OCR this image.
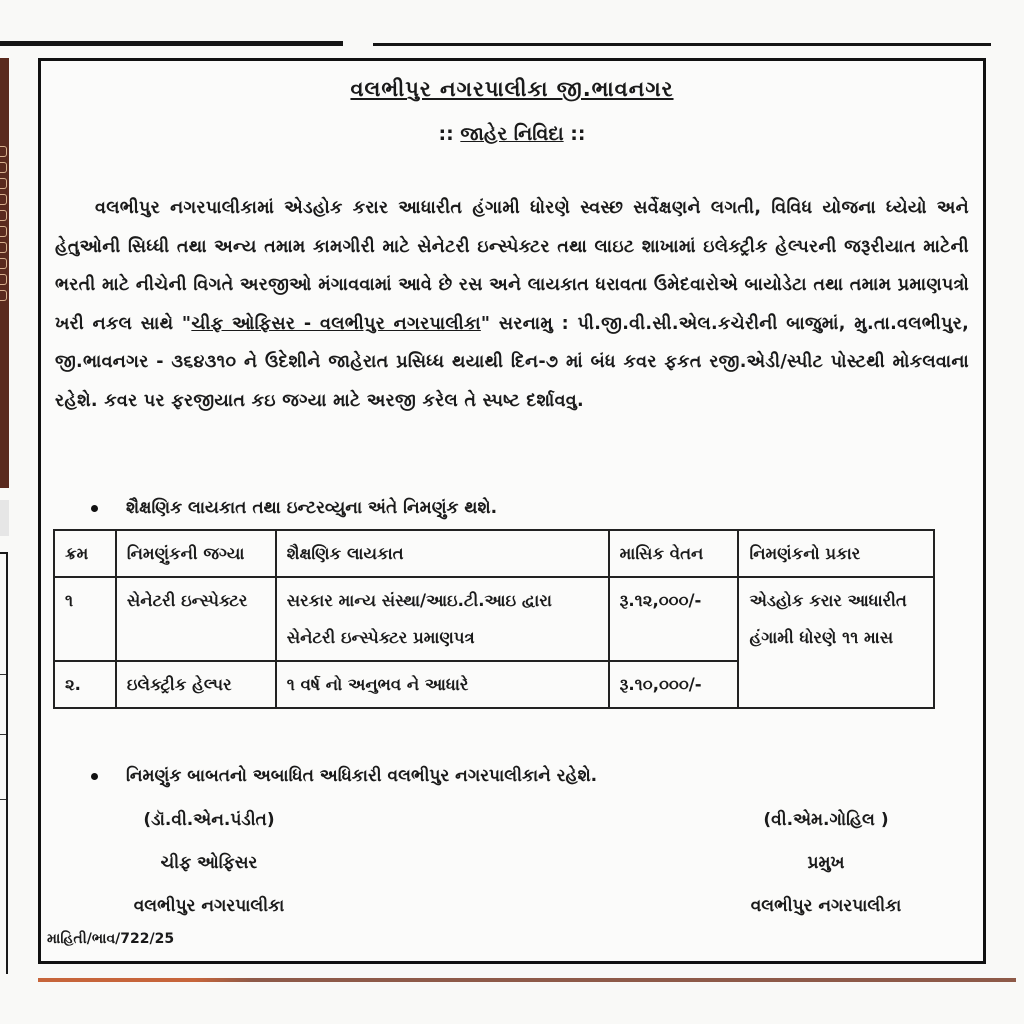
વલભીપુર નગરપાલીકા જી.ભાવનગર
:: જાહેર નિવિદા ::
વલભીપુર નગરપાલીકામાં એડહોક કરાર આધારીત હંગામી ધોરણે સ્વસ્છ સર્વેક્ષણને લગતી, વિવિધ યોજના ધ્યેયો અને હેતુઓની સિધ્ધી તથા અન્ય તમામ કામગીરી માટે સેનેટરી ઇન્સ્પેક્ટર તથા લાઇટ શાખામાં ઇલેક્ટ્રીક હેલ્પરની જરૂરીયાત માટેની ભરતી માટે નીચેની વિગતે અરજીઓ મંગાવવામાં આવે છે રસ અને લાયકાત ધરાવતા ઉમેદવારોએ બાયોડેટા તથા તમામ પ્રમાણપત્રો ખરી નકલ સાથે "ચીફ ઓફિસર - વલભીપુર નગરપાલીકા" સરનામુ : પી.જી.વી.સી.એલ.કચેરીની બાજુમાં, મુ.તા.વલભીપુર, જી.ભાવનગર - ૩૬૪૩૧૦ ને ઉદેશીને જાહેરાત પ્રસિધ્ધ થયાથી દિન-૭ માં બંધ કવર ફકત રજી.એડી/સ્પીટ પોસ્ટથી મોકલવાના રહેશે. કવર પર ફરજીયાત કઇ જગ્યા માટે અરજી કરેલ તે સ્પષ્ટ દર્શાવવુ.
શૈક્ષણિક લાયકાત તથા ઇન્ટરવ્યુના અંતે નિમણુંક થશે.
ક્રમ	નિમણુંકની જગ્યા	શૈક્ષણિક લાયકાત	માસિક વેતન	નિમણંકનો પ્રકાર
૧	સેનેટરી ઇન્સ્પેક્ટર	સરકાર માન્ય સંસ્થા/આઇ.ટી.આઇ દ્વારા સેનેટરી ઇન્સ્પેક્ટર પ્રમાણપત્ર	રૂ.૧૨,૦૦૦/-	એડહોક કરાર આધારીત હંગામી ધોરણે ૧૧ માસ
૨.	ઇલેક્ટ્રીક હેલ્પર	૧ વર્ષ નો અનુભવ ને આધારે	રૂ.૧૦,૦૦૦/-	
નિમણુંક બાબતનો અબાધિત અધિકારી વલભીપુર નગરપાલીકાને રહેશે.
(ડૉ.વી.એન.પંડીત)
ચીફ ઓફિસર
વલભીપુર નગરપાલીકા
(વી.એમ.ગોહિલ )
પ્રમુખ
વલભીપુર નગરપાલીકા
માહિતી/ભાવ/722/25
